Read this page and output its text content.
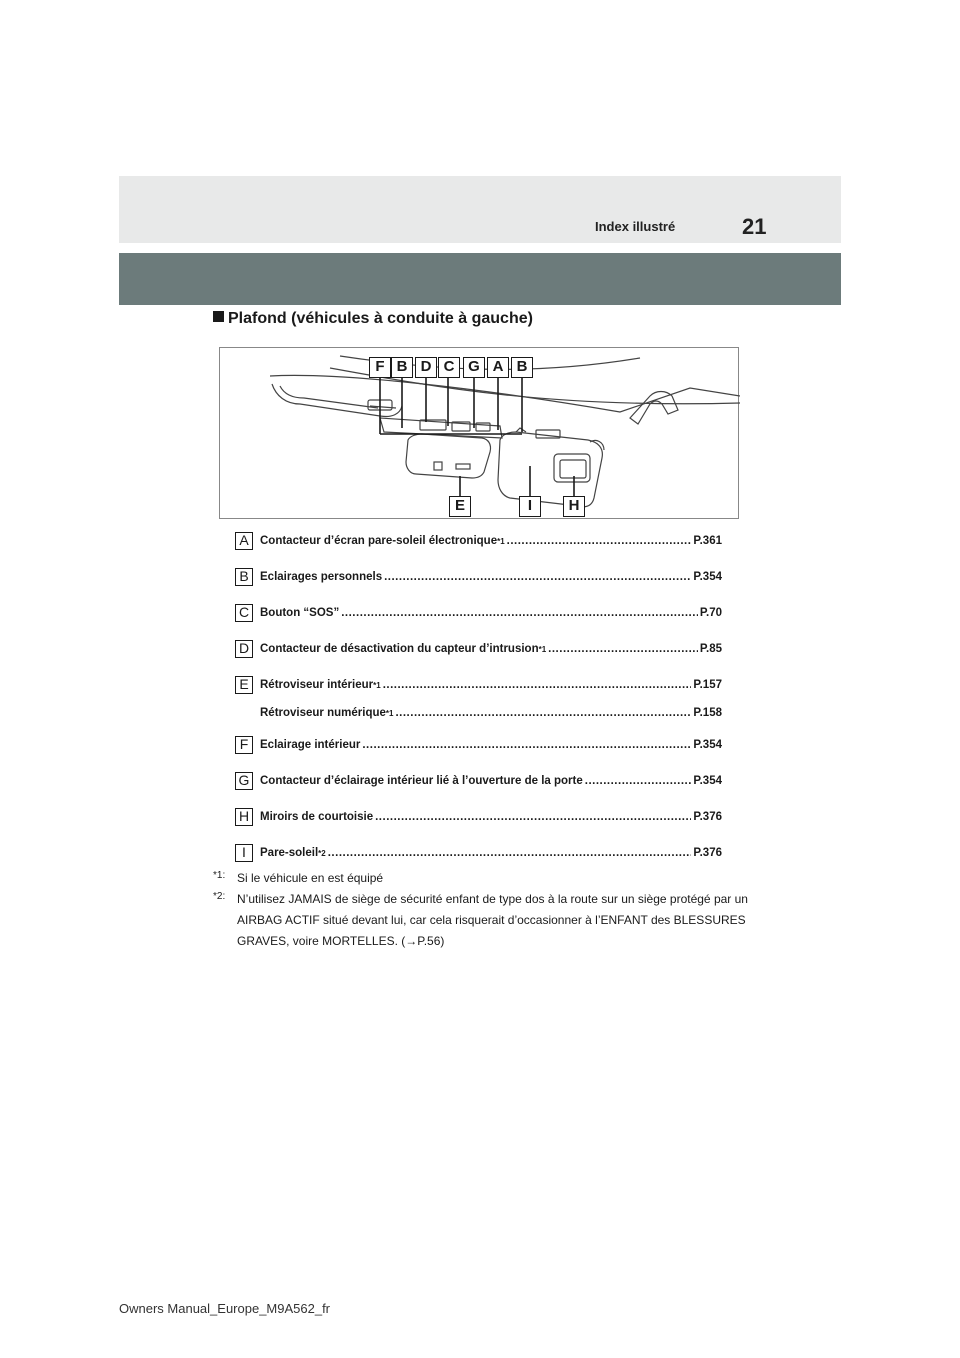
Index illustré	21
Plafond (véhicules à conduite à gauche)
F B D C G A B
E	I	H
A Contacteur d’écran pare-soleil électronique *1 .....	P.361
B Eclairages personnels .....	P.354
C Bouton “SOS” .....	P.70
D Contacteur de désactivation du capteur d’intrusion *1 .....	P.85
E Rétroviseur intérieur *1 .....	P.157
Rétroviseur numérique *1 .....	P.158
F	Eclairage intérieur .....	P.354
G Contacteur d’éclairage intérieur lié à l’ouverture de la porte .....	P.354
H Miroirs de courtoisie .....	P.376
I	Pare-soleil *2 .....	P.376
*1: Si le véhicule en est équipé
*2: N’utilisez JAMAIS de siège de sécurité enfant de type dos à la route sur un siège protégé par un AIRBAG ACTIF situé devant lui, car cela risquerait d’occasionner à l’ENFANT des BLESSURES GRAVES, voire MORTELLES. (→P.56)
Owners Manual_Europe_M9A562_fr
